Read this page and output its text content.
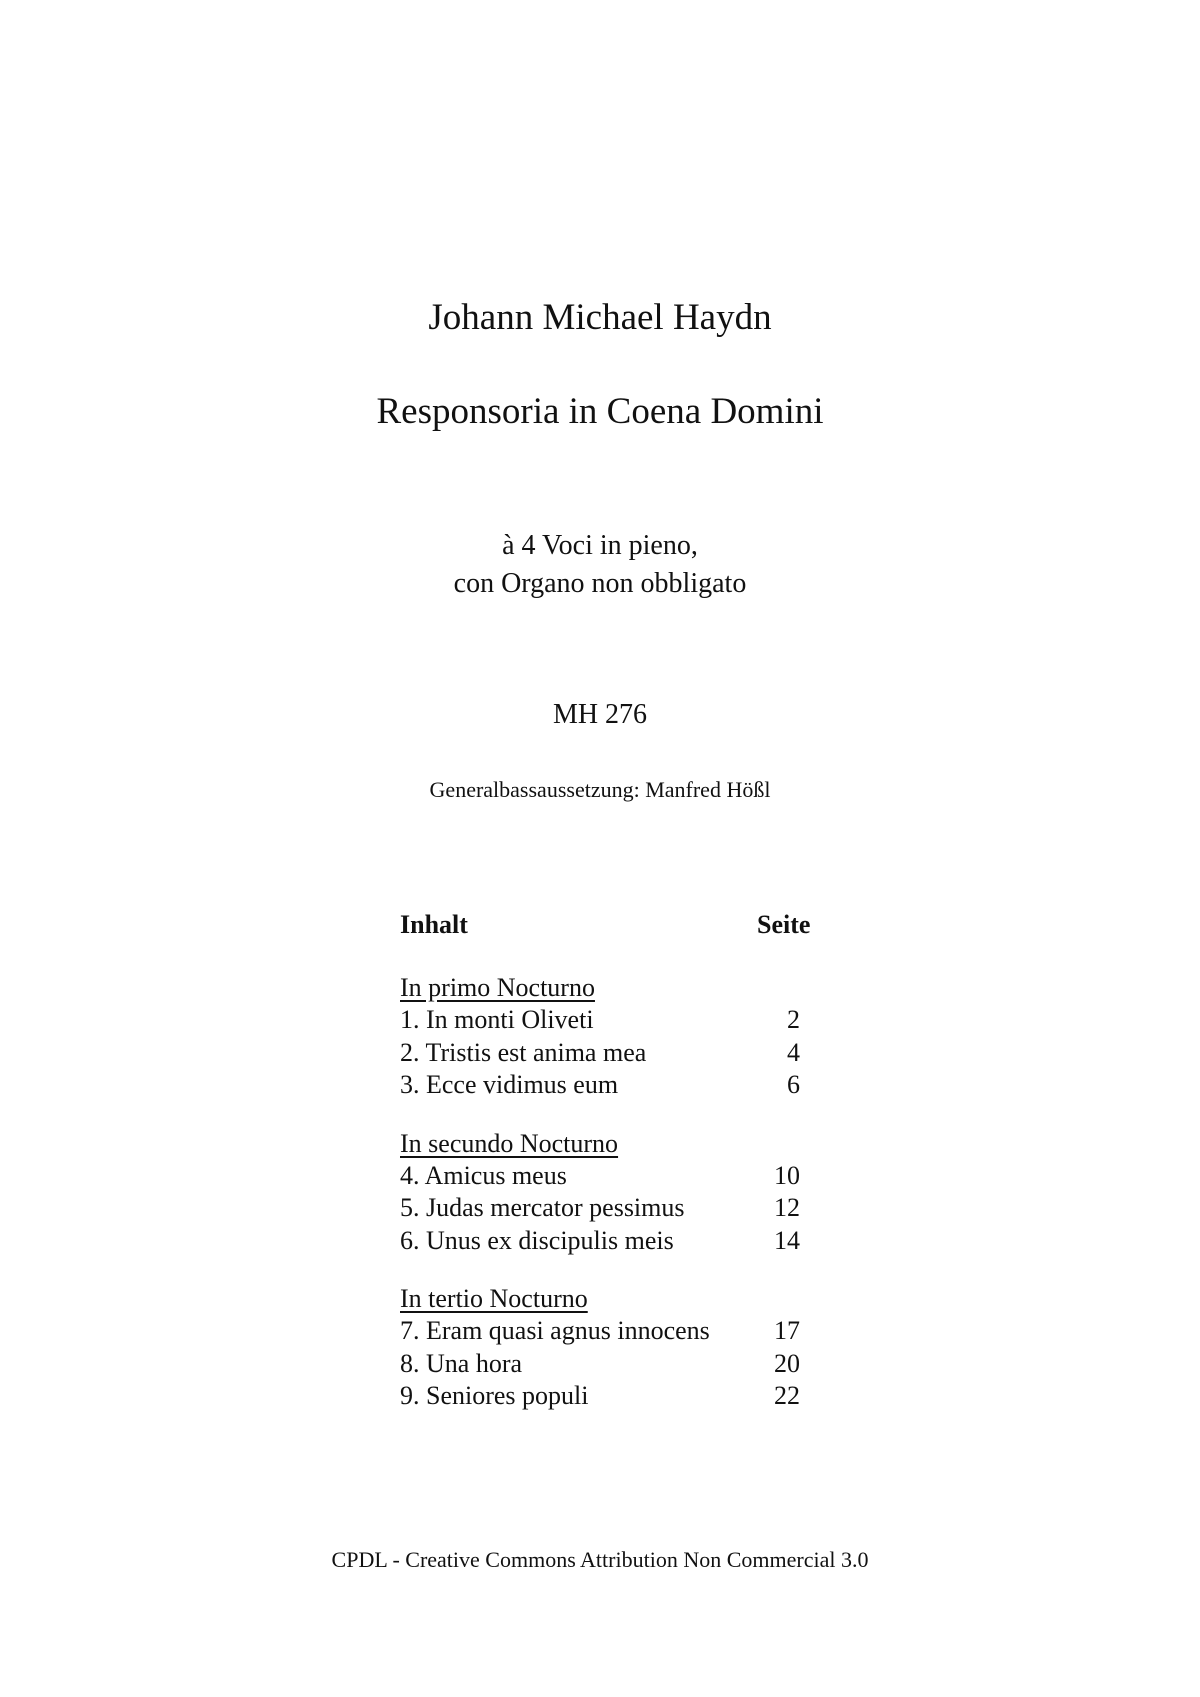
Johann Michael Haydn
Responsoria in Coena Domini
à 4 Voci in pieno,
con Organo non obbligato
MH 276
Generalbassaussetzung: Manfred Hößl
Inhalt	Seite
In primo Nocturno
1. In monti Oliveti	2
2. Tristis est anima mea	4
3. Ecce vidimus eum	6
In secundo Nocturno
4. Amicus meus	10
5. Judas mercator pessimus	12
6. Unus ex discipulis meis	14
In tertio Nocturno
7. Eram quasi agnus innocens 17
8. Una hora	20
9. Seniores populi	22
CPDL - Creative Commons Attribution Non Commercial 3.0
